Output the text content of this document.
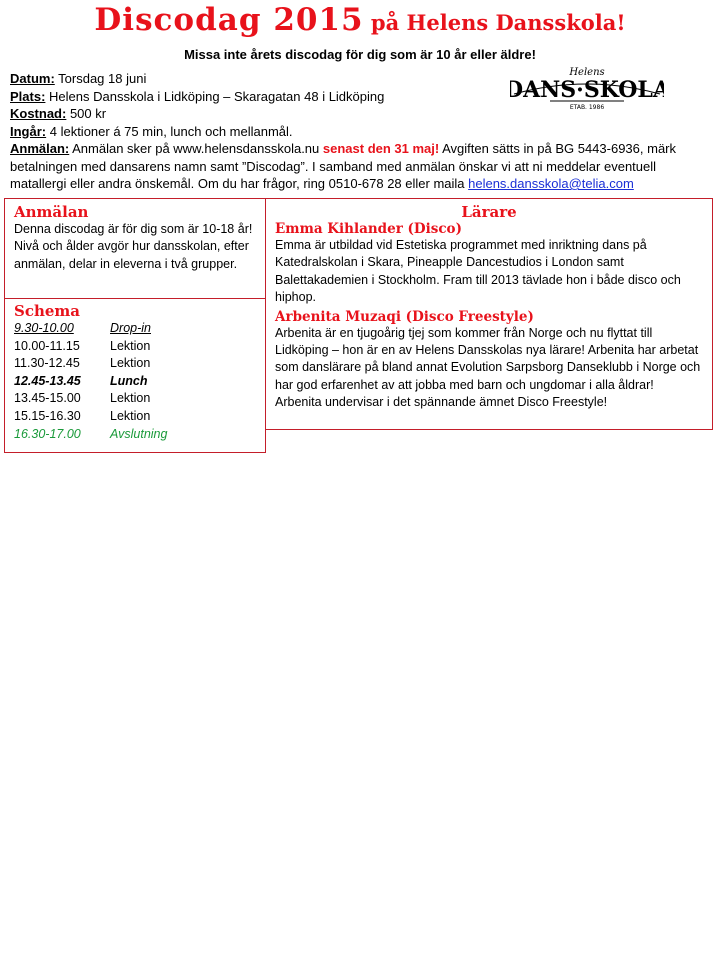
Discodag 2015 på Helens Dansskola!
Missa inte årets discodag för dig som är 10 år eller äldre!
Helens
DANS·SKOLA
ETAB. 1986
Datum: Torsdag 18 juni
Plats: Helens Dansskola i Lidköping – Skaragatan 48 i Lidköping
Kostnad: 500 kr
Ingår: 4 lektioner á 75 min, lunch och mellanmål.
Anmälan: Anmälan sker på www.helensdansskola.nu senast den 31 maj! Avgiften sätts in på BG 5443-6936, märk betalningen med dansarens namn samt ”Discodag”. I samband med anmälan önskar vi att ni meddelar eventuell matallergi eller andra önskemål. Om du har frågor, ring 0510-678 28 eller maila helens.dansskola@telia.com
Anmälan
Denna discodag är för dig som är 10-18 år! Nivå och ålder avgör hur dansskolan, efter anmälan, delar in eleverna i två grupper.
Schema
9.30-10.00	Drop-in
10.00-11.15	Lektion
11.30-12.45	Lektion
12.45-13.45	Lunch
13.45-15.00	Lektion
15.15-16.30	Lektion
16.30-17.00	Avslutning
Lärare
Emma Kihlander (Disco)
Emma är utbildad vid Estetiska programmet med inriktning dans på Katedralskolan i Skara, Pineapple Dancestudios i London samt Balettakademien i Stockholm. Fram till 2013 tävlade hon i både disco och hiphop.
Arbenita Muzaqi (Disco Freestyle)
Arbenita är en tjugoårig tjej som kommer från Norge och nu flyttat till Lidköping – hon är en av Helens Dansskolas nya lärare! Arbenita har arbetat som danslärare på bland annat Evolution Sarpsborg Danseklubb i Norge och har god erfarenhet av att jobba med barn och ungdomar i alla åldrar! Arbenita undervisar i det spännande ämnet Disco Freestyle!
